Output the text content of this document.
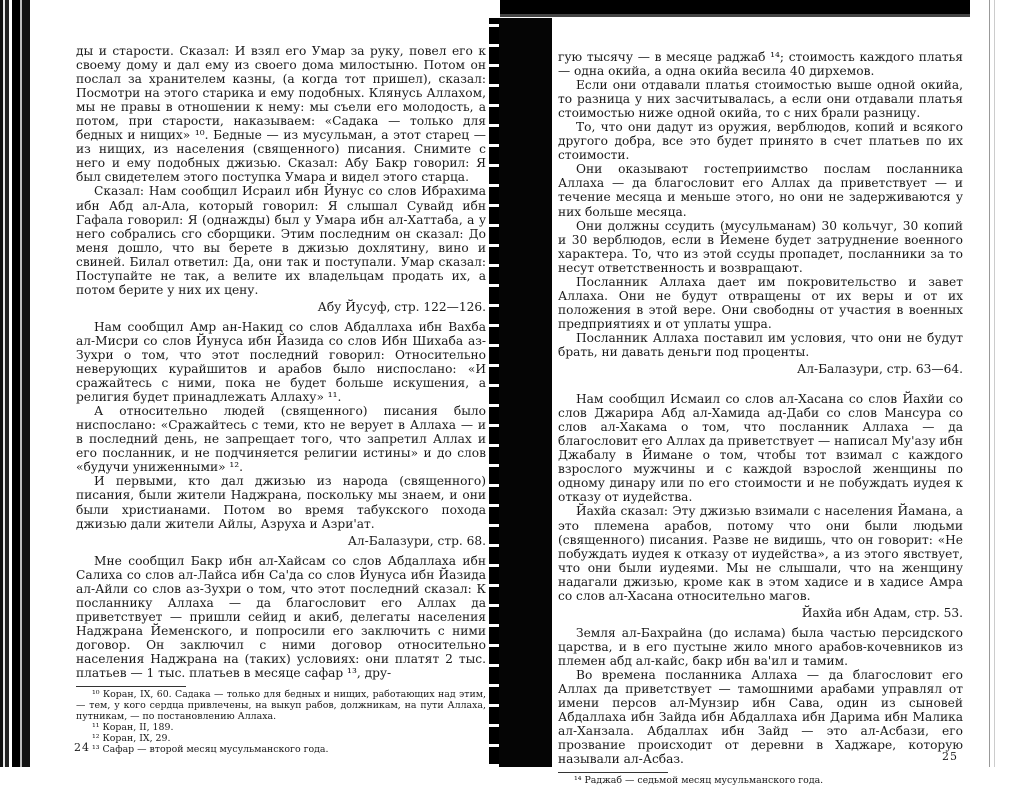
ды и старости. Сказал: И взял его Умар за руку, повел его к своему дому и дал ему из своего дома милостыню. Потом он послал за хранителем казны, (а когда тот пришел), сказал: Посмотри на этого старика и ему подобных. Клянусь Аллахом, мы не правы в отношении к нему: мы съели его молодость, а потом, при старости, наказываем: «Садака — только для бедных и нищих» ¹⁰. Бедные — из мусульман, а этот старец — из нищих, из населения (священного) писания. Снимите с него и ему подобных джизью. Сказал: Абу Бакр говорил: Я был свидетелем этого поступка Умара и видел этого старца.

Сказал: Нам сообщил Исраил ибн Йунус со слов Ибрахима ибн Абд ал-Ала, который говорил: Я слышал Сувайд ибн Гафала говорил: Я (однажды) был у Умара ибн ал-Хаттаба, а у него собрались сго сборщики. Этим последним он сказал: До меня дошло, что вы берете в джизью дохлятину, вино и свиней. Билал ответил: Да, они так и поступали. Умар сказал: Поступайте не так, а велите их владельцам продать их, а потом берите у них их цену.

Абу Йусуф, стр. 122—126.

Нам сообщил Амр ан-Накид со слов Абдаллаха ибн Вахба ал-Мисри со слов Йунуса ибн Йазида со слов Ибн Шихаба аз-Зухри о том, что этот последний говорил: Относительно неверующих курайшитов и арабов было ниспослано: «И сражайтесь с ними, пока не будет больше искушения, а религия будет принадлежать Аллаху» ¹¹.

А относительно людей (священного) писания было ниспослано: «Сражайтесь с теми, кто не верует в Аллаха — и в последний день, не запрещает того, что запретил Аллах и его посланник, и не подчиняется религии истины» и до слов «будучи униженными» ¹².

И первыми, кто дал джизью из народа (священного) писания, были жители Наджрана, поскольку мы знаем, и они были христианами. Потом во время табукского похода джизью дали жители Айлы, Азруха и Азри'ат.

Ал-Балазури, стр. 68.

Мне сообщил Бакр ибн ал-Хайсам со слов Абдаллаха ибн Салиха со слов ал-Лайса ибн Са'да со слов Йунуса ибн Йазида ал-Айли со слов аз-Зухри о том, что этот последний сказал: К посланнику Аллаха — да благословит его Аллах да приветствует — пришли сейид и акиб, делегаты населения Наджрана Йеменского, и попросили его заключить с ними договор. Он заключил с ними договор относительно населения Наджрана на (таких) условиях: они платят 2 тыс. платьев — 1 тыс. платьев в месяце сафар ¹³, дру-

¹⁰ Коран, IX, 60. Садака — только для бедных и нищих, работающих над этим, — тем, у кого сердца привлечены, на выкуп рабов, должникам, на пути Аллаха, путникам, — по постановлению Аллаха.

¹¹ Коран, II, 189.

¹² Коран, IX, 29.

¹³ Сафар — второй месяц мусульманского года.

24

гую тысячу — в месяце раджаб ¹⁴; стоимость каждого платья — одна окийа, а одна окийа весила 40 дирхемов.

Если они отдавали платья стоимостью выше одной окийа, то разница у них засчитывалась, а если они отдавали платья стоимостью ниже одной окийа, то с них брали разницу.

То, что они дадут из оружия, верблюдов, копий и всякого другого добра, все это будет принято в счет платьев по их стоимости.

Они оказывают гостеприимство послам посланника Аллаха — да благословит его Аллах да приветствует — и течение месяца и меньше этого, но они не задерживаются у них больше месяца.

Они должны ссудить (мусульманам) 30 кольчуг, 30 копий и 30 верблюдов, если в Йемене будет затруднение военного характера. То, что из этой ссуды пропадет, посланники за то несут ответственность и возвращают.

Посланник Аллаха дает им покровительство и завет Аллаха. Они не будут отвращены от их веры и от их положения в этой вере. Они свободны от участия в военных предприятиях и от уплаты ушра.

Посланник Аллаха поставил им условия, что они не будут брать, ни давать деньги под проценты.

Ал-Балазури, стр. 63—64.

Нам сообщил Исмаил со слов ал-Хасана со слов Йахйи со слов Джарира Абд ал-Хамида ад-Даби со слов Мансура со слов ал-Хакама о том, что посланник Аллаха — да благословит его Аллах да приветствует — написал Му'азу ибн Джабалу в Йимане о том, чтобы тот взимал с каждого взрослого мужчины и с каждой взрослой женщины по одному динару или по его стоимости и не побуждать иудея к отказу от иудейства.

Йахйа сказал: Эту джизью взимали с населения Йамана, а это племена арабов, потому что они были людьми (священного) писания. Разве не видишь, что он говорит: «Не побуждать иудея к отказу от иудейства», а из этого явствует, что они были иудеями. Мы не слышали, что на женщину надагали джизью, кроме как в этом хадисе и в хадисе Амра со слов ал-Хасана относительно магов.

Йахйа ибн Адам, стр. 53.

Земля ал-Бахрайна (до ислама) была частью персидского царства, и в его пустыне жило много арабов-кочевников из племен абд ал-кайс, бакр ибн ва'ил и тамим.

Во времена посланника Аллаха — да благословит его Аллах да приветствует — тамошними арабами управлял от имени персов ал-Мунзир ибн Сава, один из сыновей Абдаллаха ибн Зайда ибн Абдаллаха ибн Дарима ибн Малика ал-Ханзала. Абдаллах ибн Зайд — это ал-Асбази, его прозвание происходит от деревни в Хаджаре, которую называли ал-Асбаз.

¹⁴ Раджаб — седьмой месяц мусульманского года.

25
